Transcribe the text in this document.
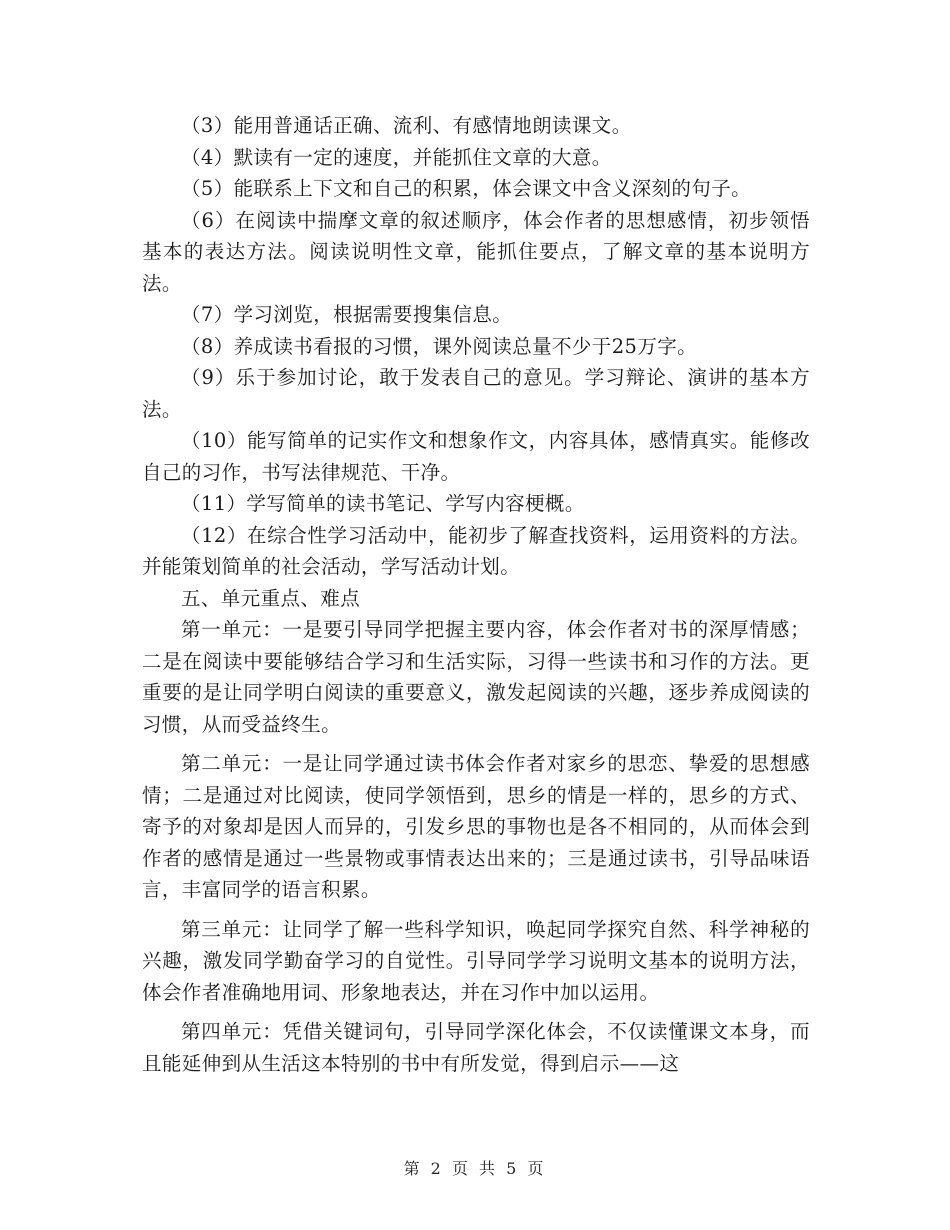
（3）能用普通话正确、流利、有感情地朗读课文。

（4）默读有一定的速度，并能抓住文章的大意。

（5）能联系上下文和自己的积累，体会课文中含义深刻的句子。

（6）在阅读中揣摩文章的叙述顺序，体会作者的思想感情，初步领悟基本的表达方法。阅读说明性文章，能抓住要点，了解文章的基本说明方法。

（7）学习浏览，根据需要搜集信息。

（8）养成读书看报的习惯，课外阅读总量不少于25万字。

（9）乐于参加讨论，敢于发表自己的意见。学习辩论、演讲的基本方法。

（10）能写简单的记实作文和想象作文，内容具体，感情真实。能修改自己的习作，书写法律规范、干净。

（11）学写简单的读书笔记、学写内容梗概。

（12）在综合性学习活动中，能初步了解查找资料，运用资料的方法。并能策划简单的社会活动，学写活动计划。

五、单元重点、难点

第一单元：一是要引导同学把握主要内容，体会作者对书的深厚情感；二是在阅读中要能够结合学习和生活实际，习得一些读书和习作的方法。更重要的是让同学明白阅读的重要意义，激发起阅读的兴趣，逐步养成阅读的习惯，从而受益终生。

第二单元：一是让同学通过读书体会作者对家乡的思恋、挚爱的思想感情；二是通过对比阅读，使同学领悟到，思乡的情是一样的，思乡的方式、寄予的对象却是因人而异的，引发乡思的事物也是各不相同的，从而体会到作者的感情是通过一些景物或事情表达出来的；三是通过读书，引导品味语言，丰富同学的语言积累。

第三单元：让同学了解一些科学知识，唤起同学探究自然、科学神秘的兴趣，激发同学勤奋学习的自觉性。引导同学学习说明文基本的说明方法，体会作者准确地用词、形象地表达，并在习作中加以运用。

第四单元：凭借关键词句，引导同学深化体会，不仅读懂课文本身，而且能延伸到从生活这本特别的书中有所发觉，得到启示——这

第 2 页 共 5 页
